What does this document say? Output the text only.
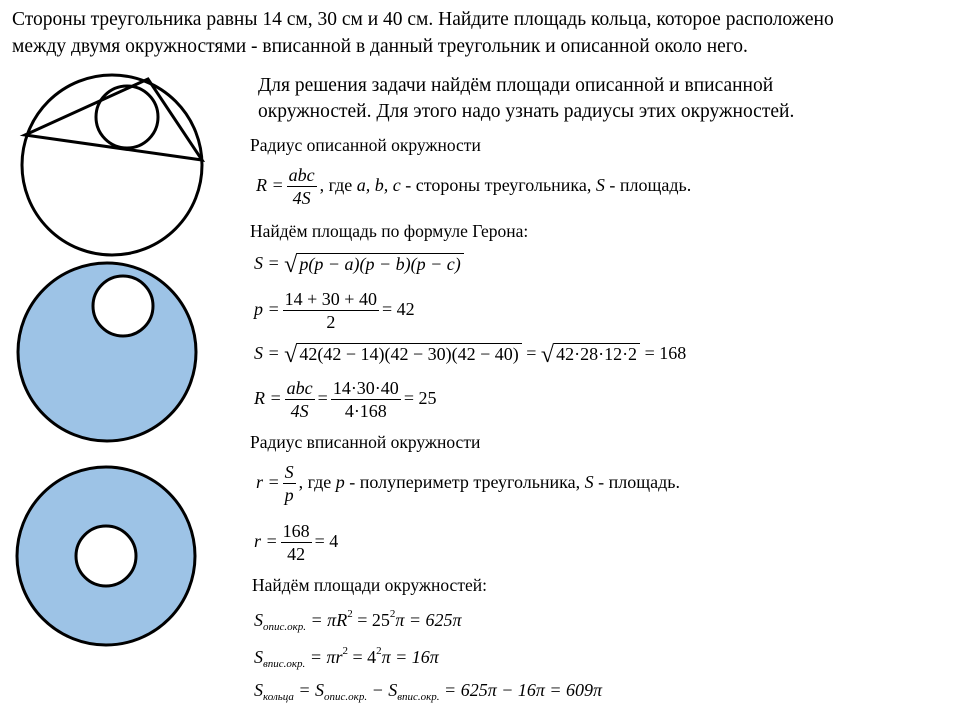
Стороны треугольника равны 14 см, 30 см и 40 см. Найдите площадь кольца, которое расположено
между двумя окружностями - вписанной в данный треугольник и описанной около него.
Для решения задачи найдём площади описанной и вписанной
окружностей. Для этого надо узнать радиусы этих окружностей.
Радиус описанной окружности
$R = \frac{\text{abc}}{4S}$ , где a, b, c - стороны треугольника, S - площадь.
Найдём площадь по формуле Герона:
S = √ p(p − a)(p − b)(p − c)
$p = \frac{14 + 30 + 40}{2} = 42$
S = √ 42(42 − 14)(42 − 30)(42 − 40) = √ 42·28·12·2 = 168
$R = \frac{\text{abc}}{4S} = \frac{14\cdot 30\cdot 40}{4\cdot 168} = 25$
Радиус вписанной окружности
$r = \frac{S}{p}$ , где p - полупериметр треугольника, S - площадь.
$r = \frac{168}{42} = 4$
Найдём площади окружностей:
$S_{опис.окр.} = \pi R^2 = 25^2\pi = 625\pi$
$S_{впис.окр.} = \pi r^2 = 4^2\pi = 16\pi$
$S_{кольца} = S_{опис.окр.} - S_{впис.окр.} = 625\pi - 16\pi = 609\pi$
